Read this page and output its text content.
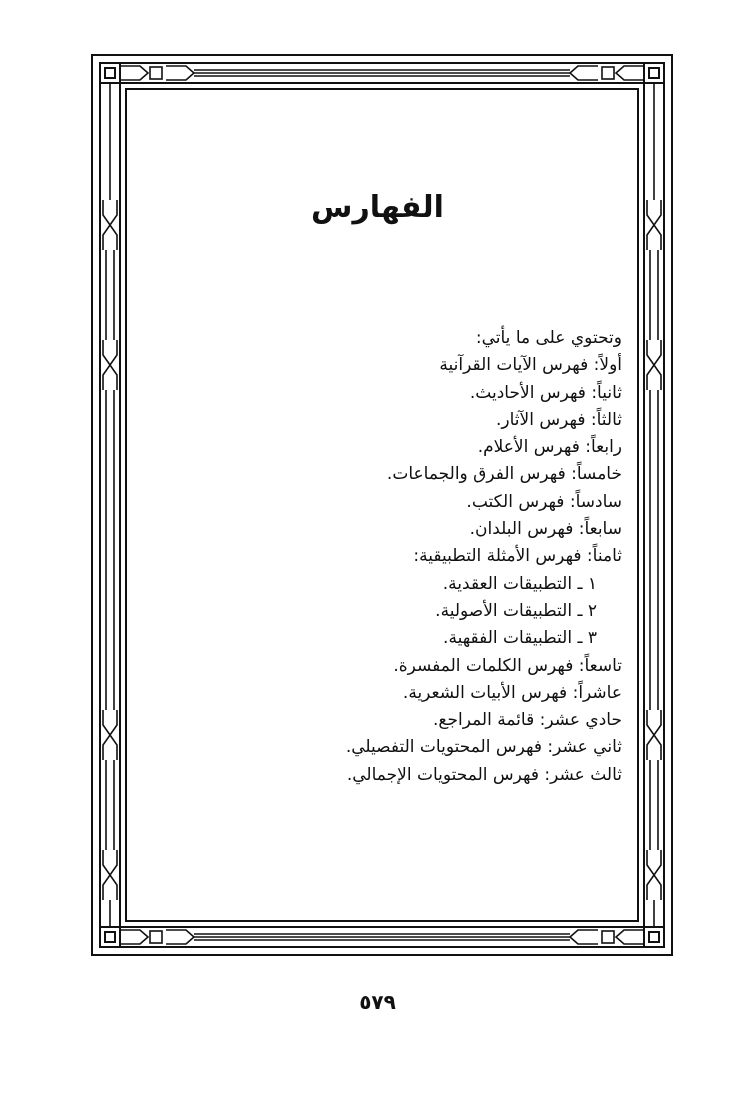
الفهارس
وتحتوي على ما يأتي:
أولاً: فهرس الآيات القرآنية
ثانياً: فهرس الأحاديث.
ثالثاً: فهرس الآثار.
رابعاً: فهرس الأعلام.
خامساً: فهرس الفرق والجماعات.
سادساً: فهرس الكتب.
سابعاً: فهرس البلدان.
ثامناً: فهرس الأمثلة التطبيقية:
١ ـ التطبيقات العقدية.
٢ ـ التطبيقات الأصولية.
٣ ـ التطبيقات الفقهية.
تاسعاً: فهرس الكلمات المفسرة.
عاشراً: فهرس الأبيات الشعرية.
حادي عشر: قائمة المراجع.
ثاني عشر: فهرس المحتويات التفصيلي.
ثالث عشر: فهرس المحتويات الإجمالي.
٥٧٩
